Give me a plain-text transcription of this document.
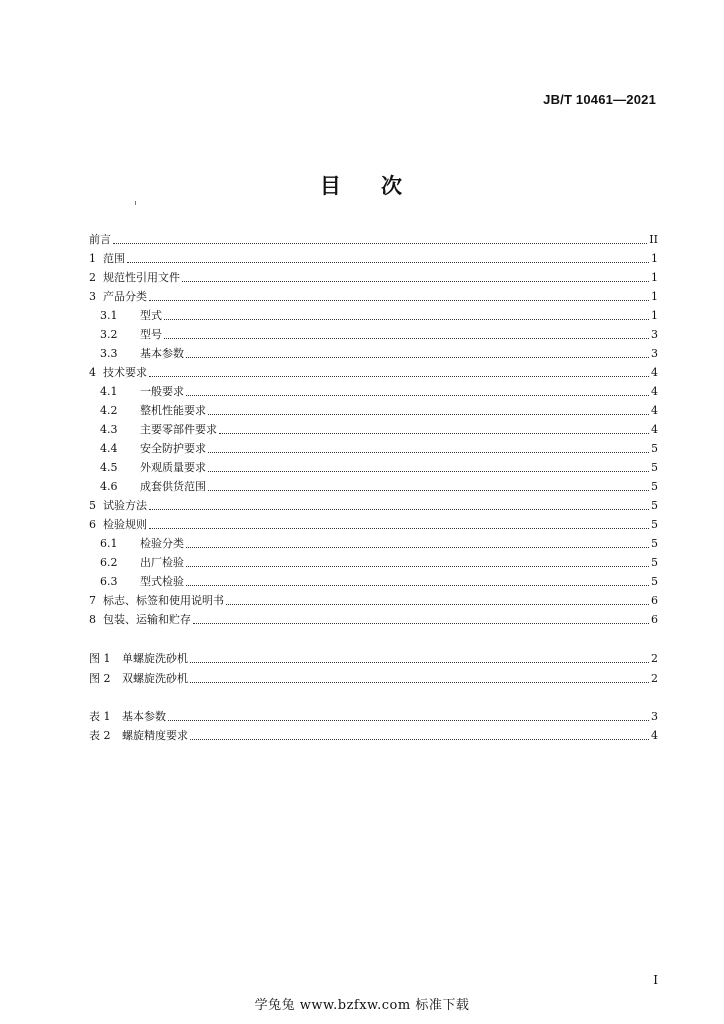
JB/T 10461—2021
目 次
前言	II
1 范围	1
2 规范性引用文件	1
3 产品分类	1
3.1	型式	1
3.2	型号	3
3.3	基本参数	3
4 技术要求	4
4.1	一般要求	4
4.2	整机性能要求	4
4.3	主要零部件要求	4
4.4	安全防护要求	5
4.5	外观质量要求	5
4.6	成套供货范围	5
5 试验方法	5
6 检验规则	5
6.1	检验分类	5
6.2	出厂检验	5
6.3	型式检验	5
7 标志、标签和使用说明书	6
8 包装、运输和贮存	6
图 1	单螺旋洗砂机	2
图 2	双螺旋洗砂机	2
表 1	基本参数	3
表 2	螺旋精度要求	4
I
学兔兔 www.bzfxw.com 标准下载
